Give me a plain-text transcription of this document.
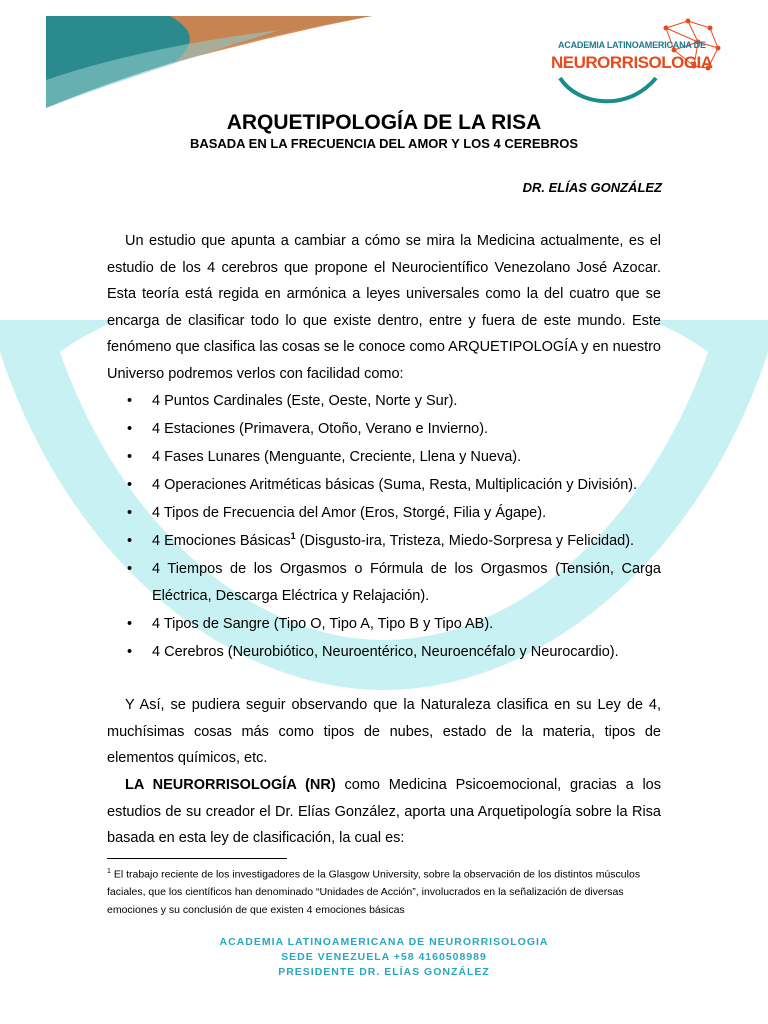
ACADEMIA LATINOAMERICANA DE
NEURORRISOLOGIA
ARQUETIPOLOGÍA DE LA RISA
BASADA EN LA FRECUENCIA DEL AMOR Y LOS 4 CEREBROS
DR. ELÍAS GONZÁLEZ

Un estudio que apunta a cambiar a cómo se mira la Medicina actualmente, es el estudio de los 4 cerebros que propone el Neurocientífico Venezolano José Azocar. Esta teoría está regida en armónica a leyes universales como la del cuatro que se encarga de clasificar todo lo que existe dentro, entre y fuera de este mundo. Este fenómeno que clasifica las cosas se le conoce como ARQUETIPOLOGÍA y en nuestro Universo podremos verlos con facilidad como:

• 4 Puntos Cardinales (Este, Oeste, Norte y Sur).
• 4 Estaciones (Primavera, Otoño, Verano e Invierno).
• 4 Fases Lunares (Menguante, Creciente, Llena y Nueva).
• 4 Operaciones Aritméticas básicas (Suma, Resta, Multiplicación y División).
• 4 Tipos de Frecuencia del Amor (Eros, Storgé, Filia y Ágape).
• 4 Emociones Básicas$^1$ (Disgusto-ira, Tristeza, Miedo-Sorpresa y Felicidad).
• 4 Tiempos de los Orgasmos o Fórmula de los Orgasmos (Tensión, Carga Eléctrica, Descarga Eléctrica y Relajación).
• 4 Tipos de Sangre (Tipo O, Tipo A, Tipo B y Tipo AB).
• 4 Cerebros (Neurobiótico, Neuroentérico, Neuroencéfalo y Neurocardio).

Y Así, se pudiera seguir observando que la Naturaleza clasifica en su Ley de 4, muchísimas cosas más como tipos de nubes, estado de la materia, tipos de elementos químicos, etc.

LA NEURORRISOLOGÍA (NR) como Medicina Psicoemocional, gracias a los estudios de su creador el Dr. Elías González, aporta una Arquetipología sobre la Risa basada en esta ley de clasificación, la cual es:

$^1$ El trabajo reciente de los investigadores de la Glasgow University, sobre la observación de los distintos músculos faciales, que los científicos han denominado “Unidades de Acción”, involucrados en la señalización de diversas emociones y su conclusión de que existen 4 emociones básicas
ACADEMIA LATINOAMERICANA DE NEURORRISOLOGIA
SEDE VENEZUELA +58 4160508989
PRESIDENTE DR. ELÍAS GONZÁLEZ
